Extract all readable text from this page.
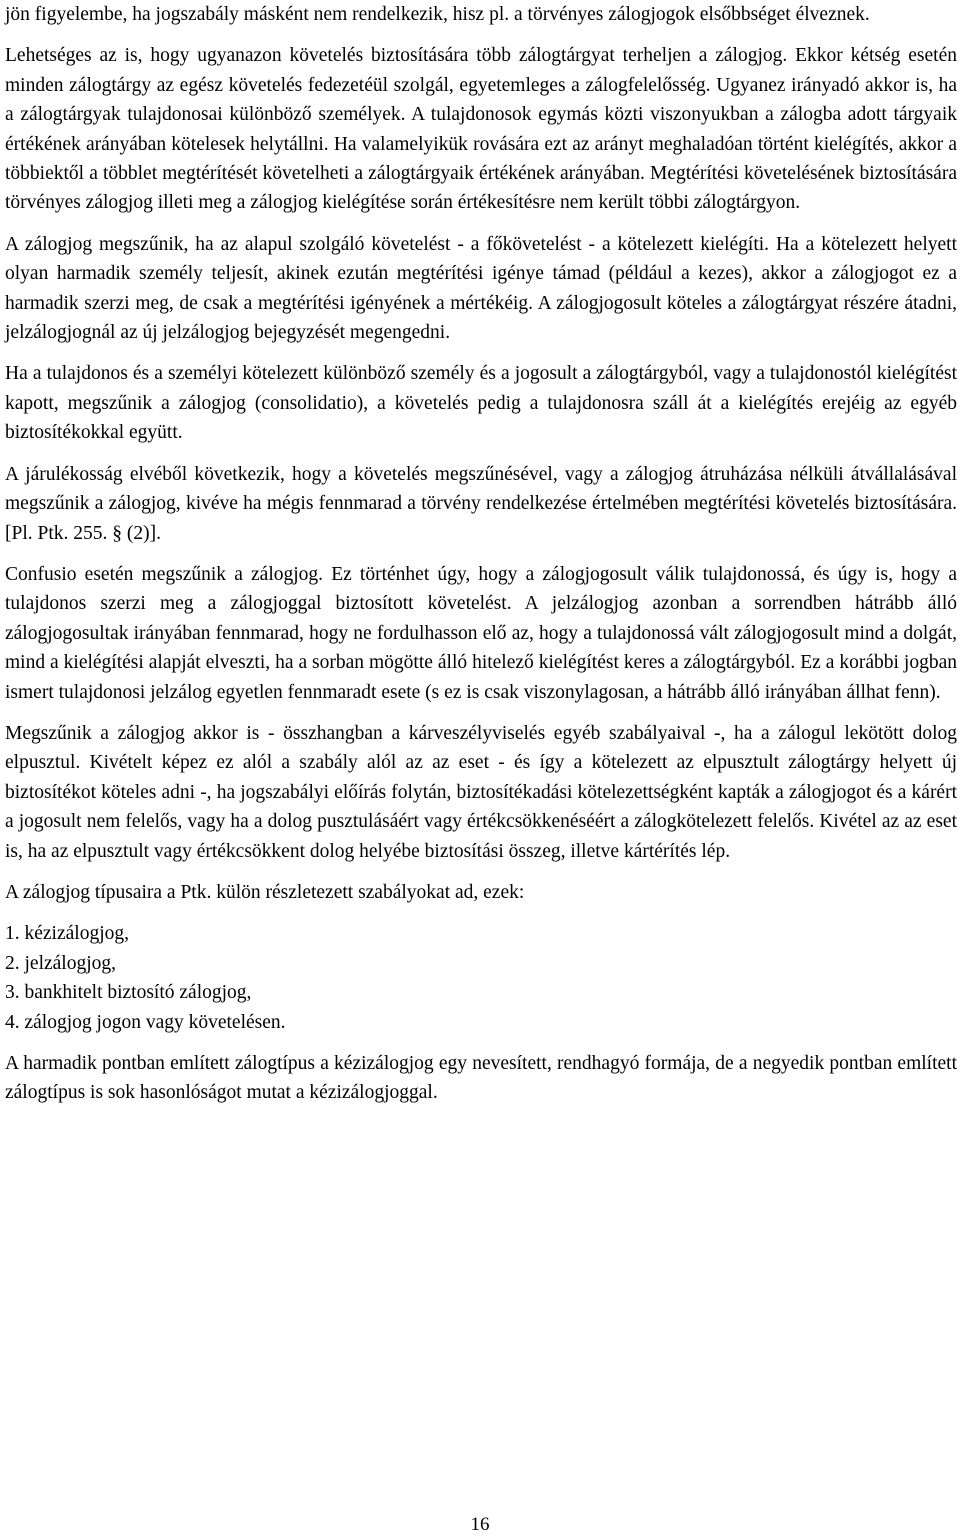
jön figyelembe, ha jogszabály másként nem rendelkezik, hisz pl. a törvényes zálogjogok elsőbbséget élveznek.

Lehetséges az is, hogy ugyanazon követelés biztosítására több zálogtárgyat terheljen a zálogjog. Ekkor kétség esetén minden zálogtárgy az egész követelés fedezetéül szolgál, egyetemleges a zálogfelelősség. Ugyanez irányadó akkor is, ha a zálogtárgyak tulajdonosai különböző személyek. A tulajdonosok egymás közti viszonyukban a zálogba adott tárgyaik értékének arányában kötelesek helytállni. Ha valamelyikük rovására ezt az arányt meghaladóan történt kielégítés, akkor a többiektől a többlet megtérítését követelheti a zálogtárgyaik értékének arányában. Megtérítési követelésének biztosítására törvényes zálogjog illeti meg a zálogjog kielégítése során értékesítésre nem került többi zálogtárgyon.

A zálogjog megszűnik, ha az alapul szolgáló követelést - a főkövetelést - a kötelezett kielégíti. Ha a kötelezett helyett olyan harmadik személy teljesít, akinek ezután megtérítési igénye támad (például a kezes), akkor a zálogjogot ez a harmadik szerzi meg, de csak a megtérítési igényének a mértékéig. A zálogjogosult köteles a zálogtárgyat részére átadni, jelzálogjognál az új jelzálogjog bejegyzését megengedni.

Ha a tulajdonos és a személyi kötelezett különböző személy és a jogosult a zálogtárgyból, vagy a tulajdonostól kielégítést kapott, megszűnik a zálogjog (consolidatio), a követelés pedig a tulajdonosra száll át a kielégítés erejéig az egyéb biztosítékokkal együtt.

A járulékosság elvéből következik, hogy a követelés megszűnésével, vagy a zálogjog átruházása nélküli átvállalásával megszűnik a zálogjog, kivéve ha mégis fennmarad a törvény rendelkezése értelmében megtérítési követelés biztosítására. [Pl. Ptk. 255. § (2)].

Confusio esetén megszűnik a zálogjog. Ez történhet úgy, hogy a zálogjogosult válik tulajdonossá, és úgy is, hogy a tulajdonos szerzi meg a zálogjoggal biztosított követelést. A jelzálogjog azonban a sorrendben hátrább álló zálogjogosultak irányában fennmarad, hogy ne fordulhasson elő az, hogy a tulajdonossá vált zálogjogosult mind a dolgát, mind a kielégítési alapját elveszti, ha a sorban mögötte álló hitelező kielégítést keres a zálogtárgyból. Ez a korábbi jogban ismert tulajdonosi jelzálog egyetlen fennmaradt esete (s ez is csak viszonylagosan, a hátrább álló irányában állhat fenn).

Megszűnik a zálogjog akkor is - összhangban a kárveszélyviselés egyéb szabályaival -, ha a zálogul lekötött dolog elpusztul. Kivételt képez ez alól a szabály alól az az eset - és így a kötelezett az elpusztult zálogtárgy helyett új biztosítékot köteles adni -, ha jogszabályi előírás folytán, biztosítékadási kötelezettségként kapták a zálogjogot és a kárért a jogosult nem felelős, vagy ha a dolog pusztulásáért vagy értékcsökkenéséért a zálogkötelezett felelős. Kivétel az az eset is, ha az elpusztult vagy értékcsökkent dolog helyébe biztosítási összeg, illetve kártérítés lép.

A zálogjog típusaira a Ptk. külön részletezett szabályokat ad, ezek:

1. kézizálogjog,

2. jelzálogjog,

3. bankhitelt biztosító zálogjog,

4. zálogjog jogon vagy követelésen.

A harmadik pontban említett zálogtípus a kézizálogjog egy nevesített, rendhagyó formája, de a negyedik pontban említett zálogtípus is sok hasonlóságot mutat a kézizálogjoggal.

16
